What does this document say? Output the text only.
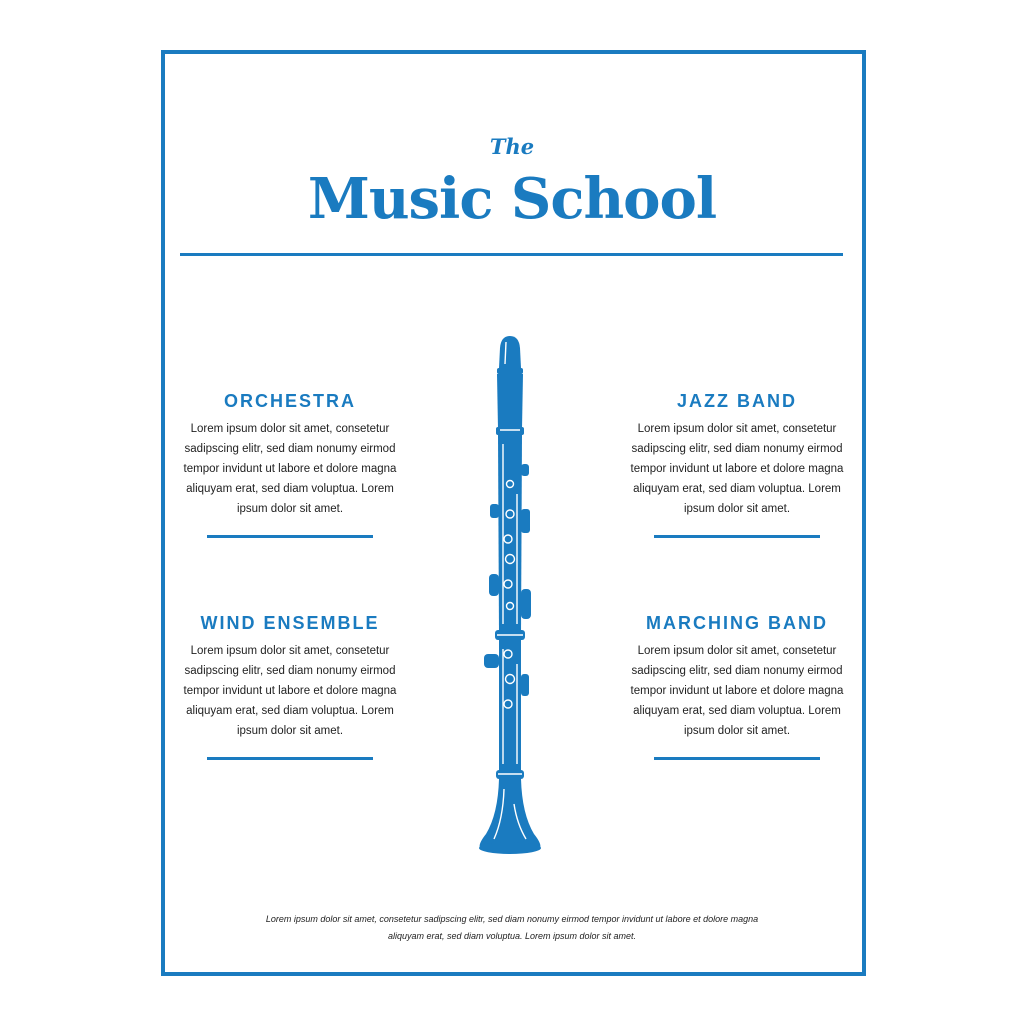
The
Music School
ORCHESTRA

Lorem ipsum dolor sit amet, consetetur sadipscing elitr, sed diam nonumy eirmod tempor invidunt ut labore et dolore magna aliquyam erat, sed diam voluptua. Lorem ipsum dolor sit amet.

JAZZ BAND

Lorem ipsum dolor sit amet, consetetur sadipscing elitr, sed diam nonumy eirmod tempor invidunt ut labore et dolore magna aliquyam erat, sed diam voluptua. Lorem ipsum dolor sit amet.

WIND ENSEMBLE

Lorem ipsum dolor sit amet, consetetur sadipscing elitr, sed diam nonumy eirmod tempor invidunt ut labore et dolore magna aliquyam erat, sed diam voluptua. Lorem ipsum dolor sit amet.

MARCHING BAND

Lorem ipsum dolor sit amet, consetetur sadipscing elitr, sed diam nonumy eirmod tempor invidunt ut labore et dolore magna aliquyam erat, sed diam voluptua. Lorem ipsum dolor sit amet.

Lorem ipsum dolor sit amet, consetetur sadipscing elitr, sed diam nonumy eirmod tempor invidunt ut labore et dolore magna aliquyam erat, sed diam voluptua. Lorem ipsum dolor sit amet.
